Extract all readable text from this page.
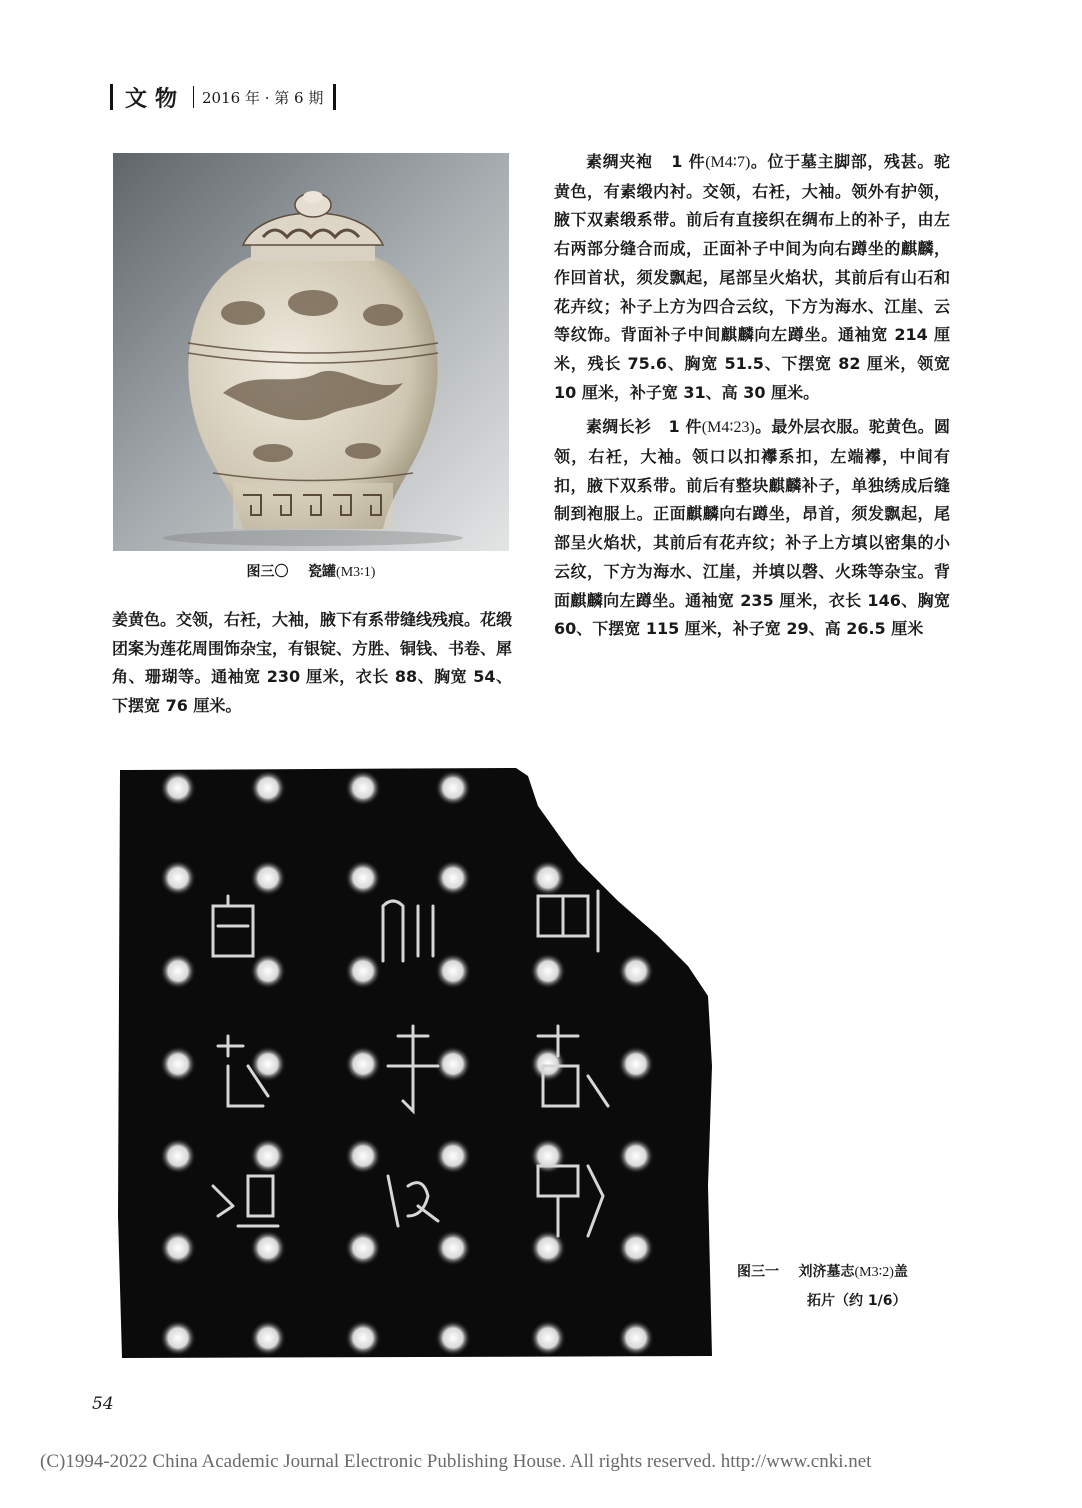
文物 2016 年 · 第 6 期
图三〇 瓷罐(M3∶1)

姜黄色。交领，右衽，大袖，腋下有系带缝线残痕。花缎团案为莲花周围饰杂宝，有银锭、方胜、铜钱、书卷、犀角、珊瑚等。通袖宽 230 厘米，衣长 88、胸宽 54、下摆宽 76 厘米。

素绸夹袍 1 件(M4∶7)。位于墓主脚部，残甚。驼黄色，有素缎内衬。交领，右衽，大袖。领外有护领，腋下双素缎系带。前后有直接织在绸布上的补子，由左右两部分缝合而成，正面补子中间为向右蹲坐的麒麟，作回首状，须发飘起，尾部呈火焰状，其前后有山石和花卉纹；补子上方为四合云纹，下方为海水、江崖、云等纹饰。背面补子中间麒麟向左蹲坐。通袖宽 214 厘米，残长 75.6、胸宽 51.5、下摆宽 82 厘米，领宽 10 厘米，补子宽 31、高 30 厘米。

素绸长衫 1 件(M4∶23)。最外层衣服。驼黄色。圆领，右衽，大袖。领口以扣襻系扣，左端襻，中间有扣，腋下双系带。前后有整块麒麟补子，单独绣成后缝制到袍服上。正面麒麟向右蹲坐，昂首，须发飘起，尾部呈火焰状，其前后有花卉纹；补子上方填以密集的小云纹，下方为海水、江崖，并填以磬、火珠等杂宝。背面麒麟向左蹲坐。通袖宽 235 厘米，衣长 146、胸宽 60、下摆宽 115 厘米，补子宽 29、高 26.5 厘米

图三一 刘济墓志(M3∶2)盖
拓片（约 1/6）
54
(C)1994-2022 China Academic Journal Electronic Publishing House. All rights reserved. http://www.cnki.net
